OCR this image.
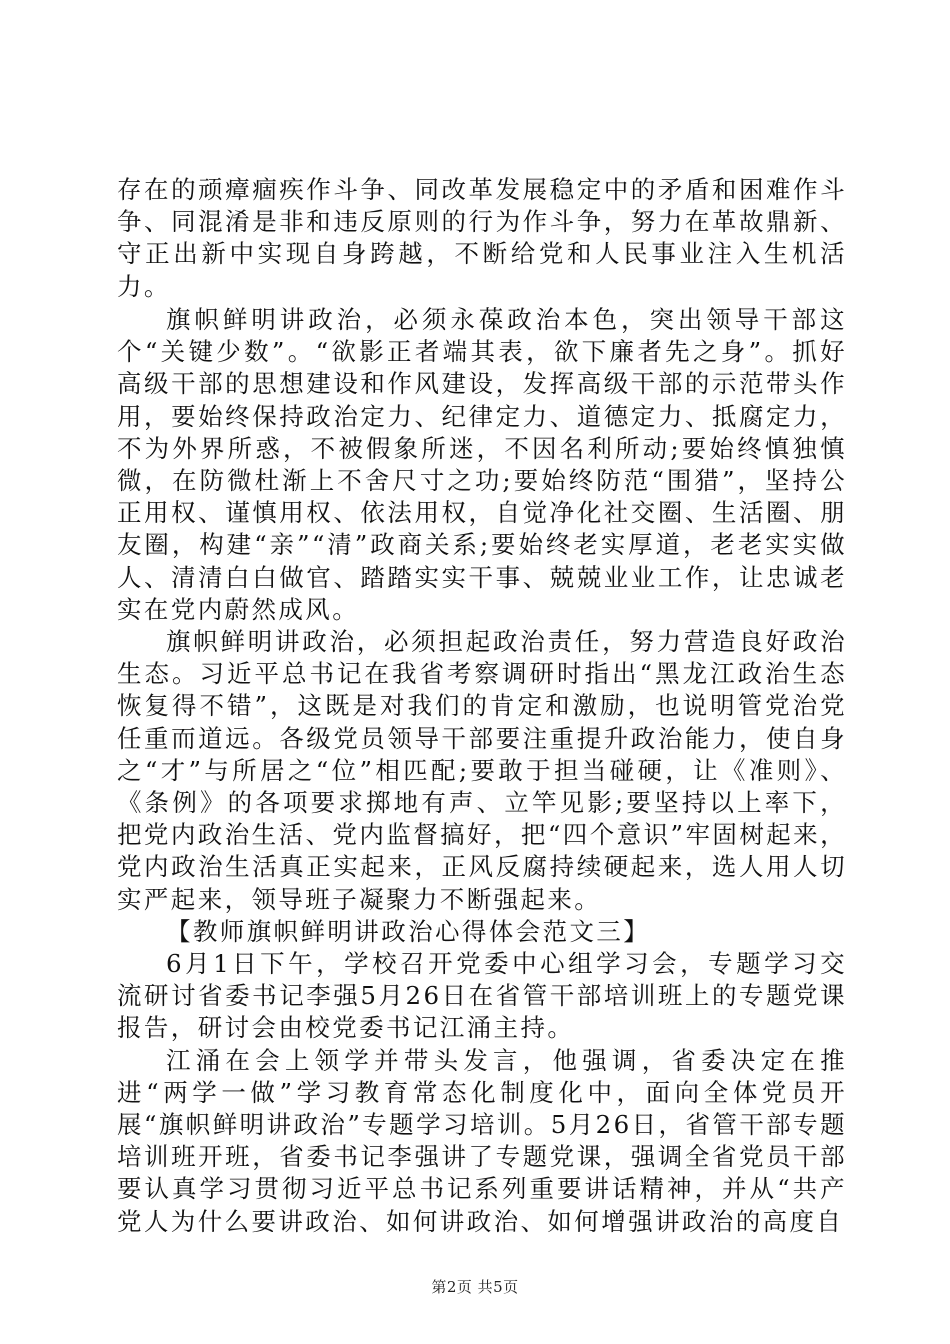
存在的顽瘴痼疾作斗争、同改革发展稳定中的矛盾和困难作斗争、同混淆是非和违反原则的行为作斗争，努力在革故鼎新、守正出新中实现自身跨越，不断给党和人民事业注入生机活力。

旗帜鲜明讲政治，必须永葆政治本色，突出领导干部这个“关键少数”。“欲影正者端其表，欲下廉者先之身”。抓好高级干部的思想建设和作风建设，发挥高级干部的示范带头作用，要始终保持政治定力、纪律定力、道德定力、抵腐定力，不为外界所惑，不被假象所迷，不因名利所动;要始终慎独慎微，在防微杜渐上不舍尺寸之功;要始终防范“围猎”，坚持公正用权、谨慎用权、依法用权，自觉净化社交圈、生活圈、朋友圈，构建“亲”“清”政商关系;要始终老实厚道，老老实实做人、清清白白做官、踏踏实实干事、兢兢业业工作，让忠诚老实在党内蔚然成风。

旗帜鲜明讲政治，必须担起政治责任，努力营造良好政治生态。习近平总书记在我省考察调研时指出“黑龙江政治生态恢复得不错”，这既是对我们的肯定和激励，也说明管党治党任重而道远。各级党员领导干部要注重提升政治能力，使自身之“才”与所居之“位”相匹配;要敢于担当碰硬，让《准则》、《条例》的各项要求掷地有声、立竿见影;要坚持以上率下，把党内政治生活、党内监督搞好，把“四个意识”牢固树起来，党内政治生活真正实起来，正风反腐持续硬起来，选人用人切实严起来，领导班子凝聚力不断强起来。

【教师旗帜鲜明讲政治心得体会范文三】

6月1日下午，学校召开党委中心组学习会，专题学习交流研讨省委书记李强5月26日在省管干部培训班上的专题党课报告，研讨会由校党委书记江涌主持。

江涌在会上领学并带头发言，他强调，省委决定在推进“两学一做”学习教育常态化制度化中，面向全体党员开展“旗帜鲜明讲政治”专题学习培训。5月26日，省管干部专题培训班开班，省委书记李强讲了专题党课，强调全省党员干部要认真学习贯彻习近平总书记系列重要讲话精神，并从“共产党人为什么要讲政治、如何讲政治、如何增强讲政治的高度自

第2页 共5页
